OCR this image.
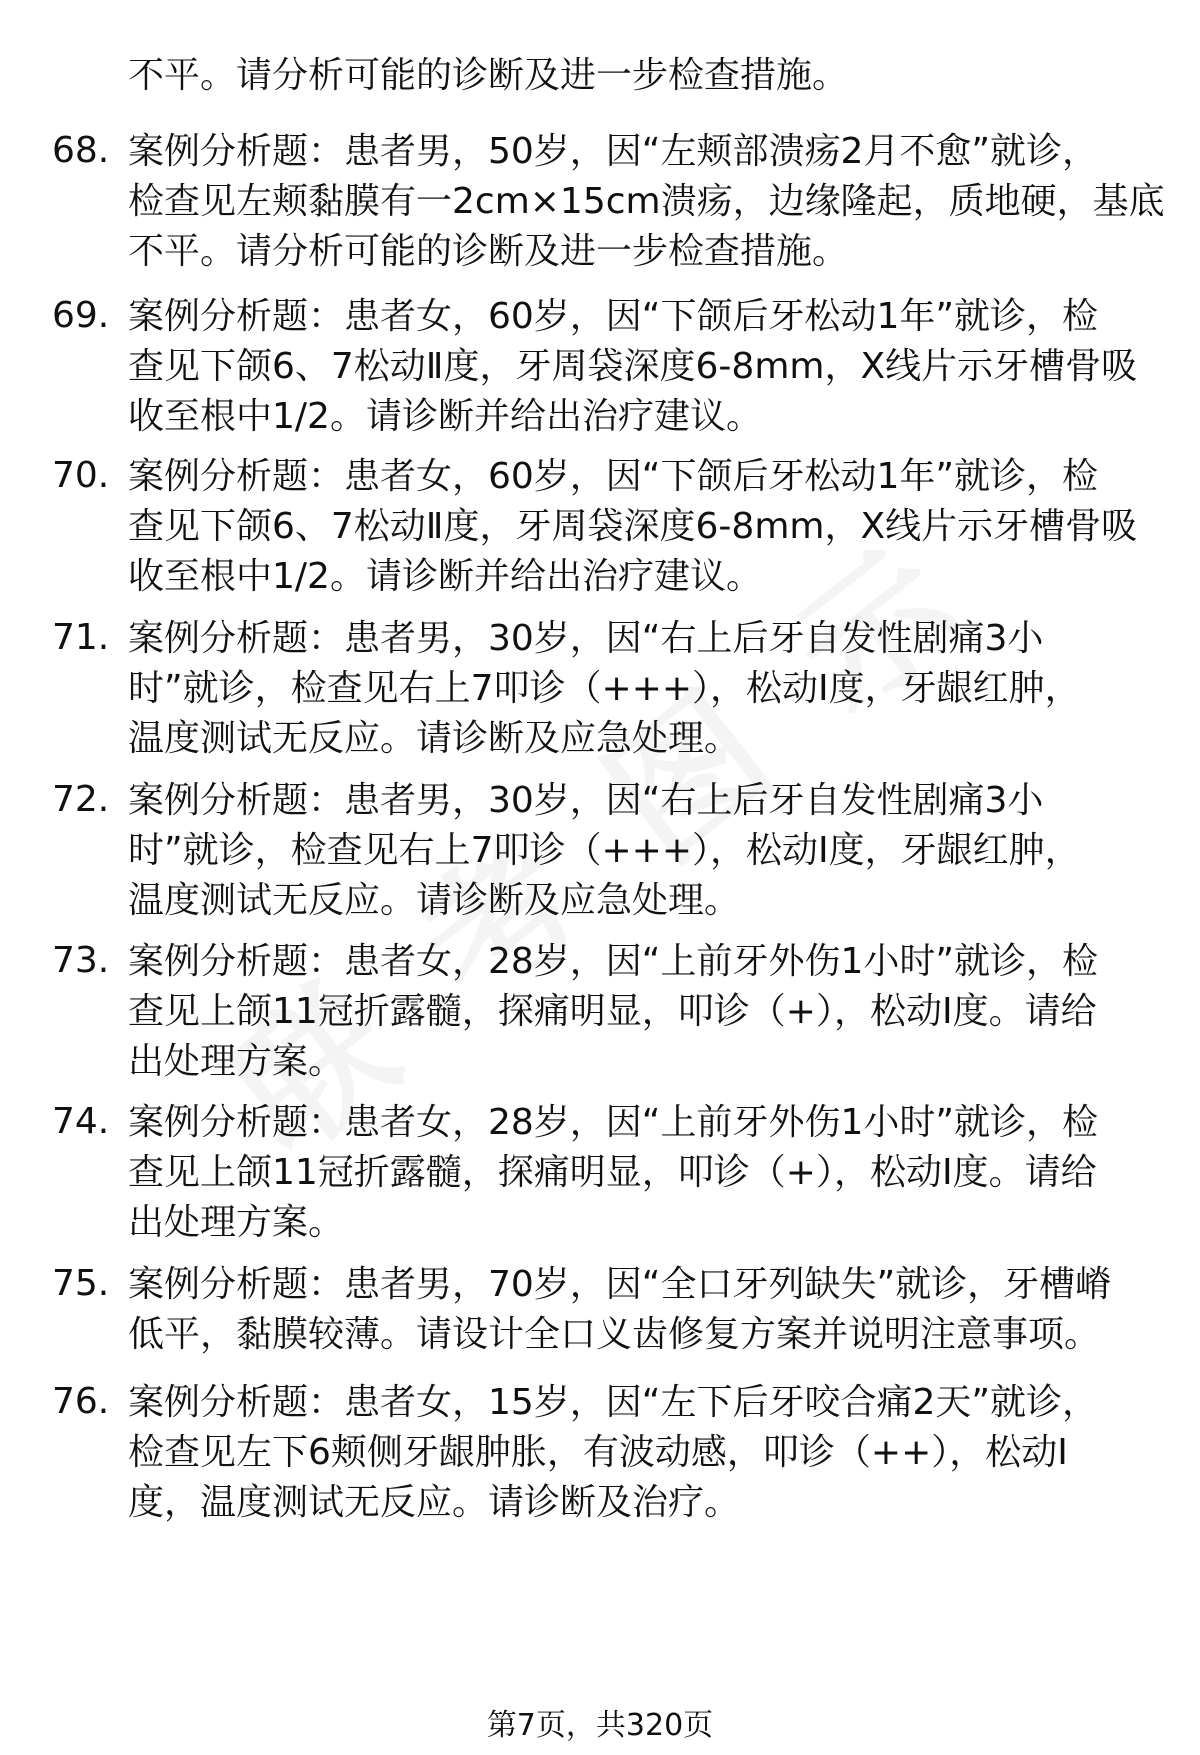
不平。请分析可能的诊断及进一步检查措施。
68. 案例分析题：患者男，50岁，因“左颊部溃疡2月不愈”就诊，
检查见左颊黏膜有一2cm×15cm溃疡，边缘隆起，质地硬，基底
不平。请分析可能的诊断及进一步检查措施。
69. 案例分析题：患者女，60岁，因“下颌后牙松动1年”就诊，检
查见下颌6、7松动Ⅱ度，牙周袋深度6-8mm，X线片示牙槽骨吸
收至根中1/2。请诊断并给出治疗建议。
70. 案例分析题：患者女，60岁，因“下颌后牙松动1年”就诊，检
查见下颌6、7松动Ⅱ度，牙周袋深度6-8mm，X线片示牙槽骨吸
收至根中1/2。请诊断并给出治疗建议。
71. 案例分析题：患者男，30岁，因“右上后牙自发性剧痛3小
时”就诊，检查见右上7叩诊（+++），松动Ⅰ度，牙龈红肿，
温度测试无反应。请诊断及应急处理。
72. 案例分析题：患者男，30岁，因“右上后牙自发性剧痛3小
时”就诊，检查见右上7叩诊（+++），松动Ⅰ度，牙龈红肿，
温度测试无反应。请诊断及应急处理。
73. 案例分析题：患者女，28岁，因“上前牙外伤1小时”就诊，检
查见上颌11冠折露髓，探痛明显，叩诊（+），松动Ⅰ度。请给
出处理方案。
74. 案例分析题：患者女，28岁，因“上前牙外伤1小时”就诊，检
查见上颌11冠折露髓，探痛明显，叩诊（+），松动Ⅰ度。请给
出处理方案。
75. 案例分析题：患者男，70岁，因“全口牙列缺失”就诊，牙槽嵴
低平，黏膜较薄。请设计全口义齿修复方案并说明注意事项。
76. 案例分析题：患者女，15岁，因“左下后牙咬合痛2天”就诊，
检查见左下6颊侧牙龈肿胀，有波动感，叩诊（++），松动Ⅰ
度，温度测试无反应。请诊断及治疗。
第7页，共320页
